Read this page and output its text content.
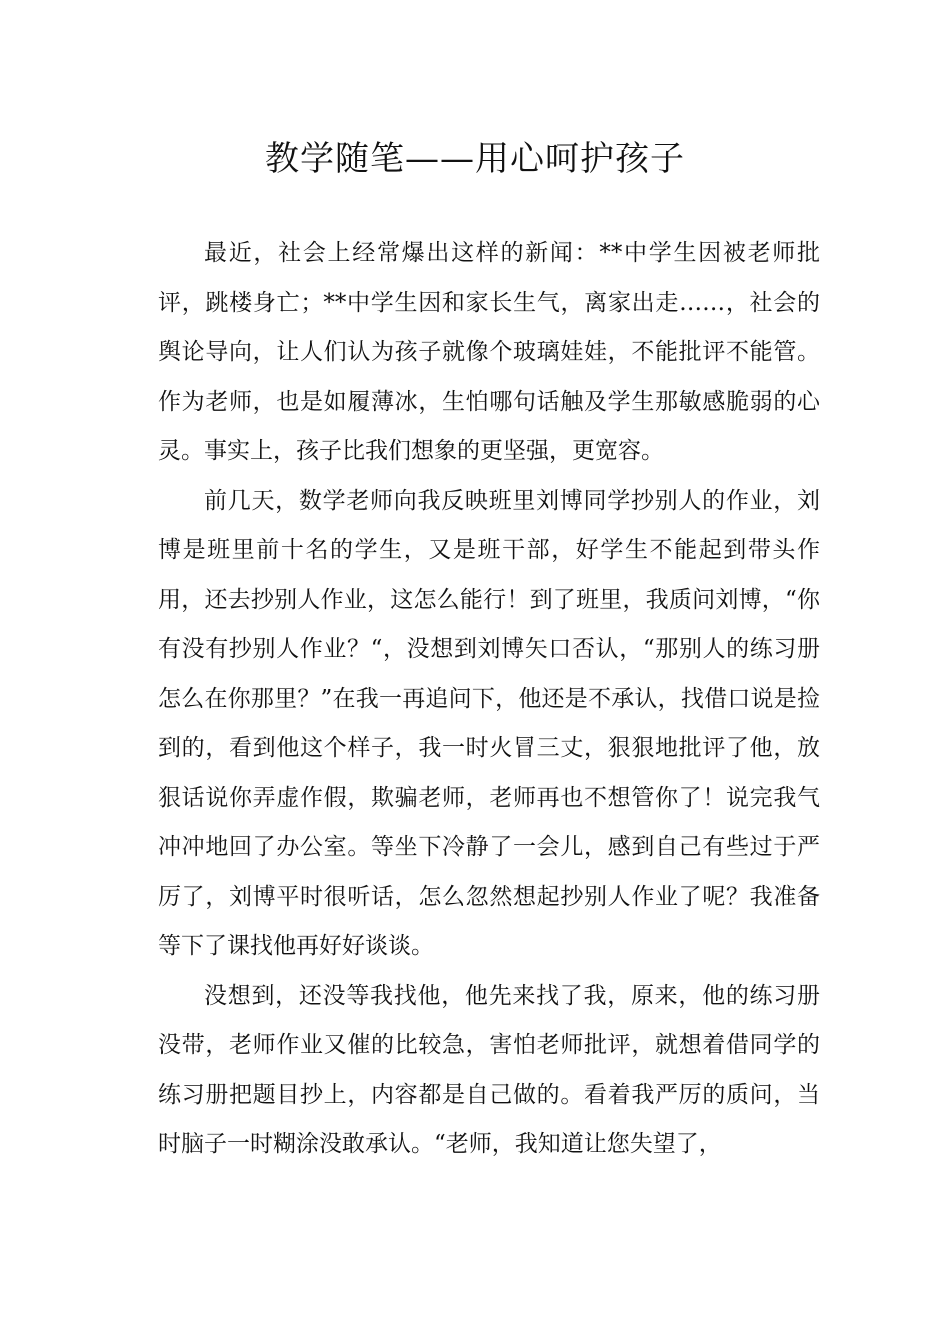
教学随笔——用心呵护孩子

最近，社会上经常爆出这样的新闻：**中学生因被老师批评，跳楼身亡；**中学生因和家长生气，离家出走……，社会的舆论导向，让人们认为孩子就像个玻璃娃娃，不能批评不能管。作为老师，也是如履薄冰，生怕哪句话触及学生那敏感脆弱的心灵。事实上，孩子比我们想象的更坚强，更宽容。

前几天，数学老师向我反映班里刘博同学抄别人的作业，刘博是班里前十名的学生，又是班干部，好学生不能起到带头作用，还去抄别人作业，这怎么能行！到了班里，我质问刘博，“你有没有抄别人作业？“，没想到刘博矢口否认，“那别人的练习册怎么在你那里？”在我一再追问下，他还是不承认，找借口说是捡到的，看到他这个样子，我一时火冒三丈，狠狠地批评了他，放狠话说你弄虚作假，欺骗老师，老师再也不想管你了！说完我气冲冲地回了办公室。等坐下冷静了一会儿，感到自己有些过于严厉了，刘博平时很听话，怎么忽然想起抄别人作业了呢？我准备等下了课找他再好好谈谈。

没想到，还没等我找他，他先来找了我，原来，他的练习册没带，老师作业又催的比较急，害怕老师批评，就想着借同学的练习册把题目抄上，内容都是自己做的。看着我严厉的质问，当时脑子一时糊涂没敢承认。“老师，我知道让您失望了，
